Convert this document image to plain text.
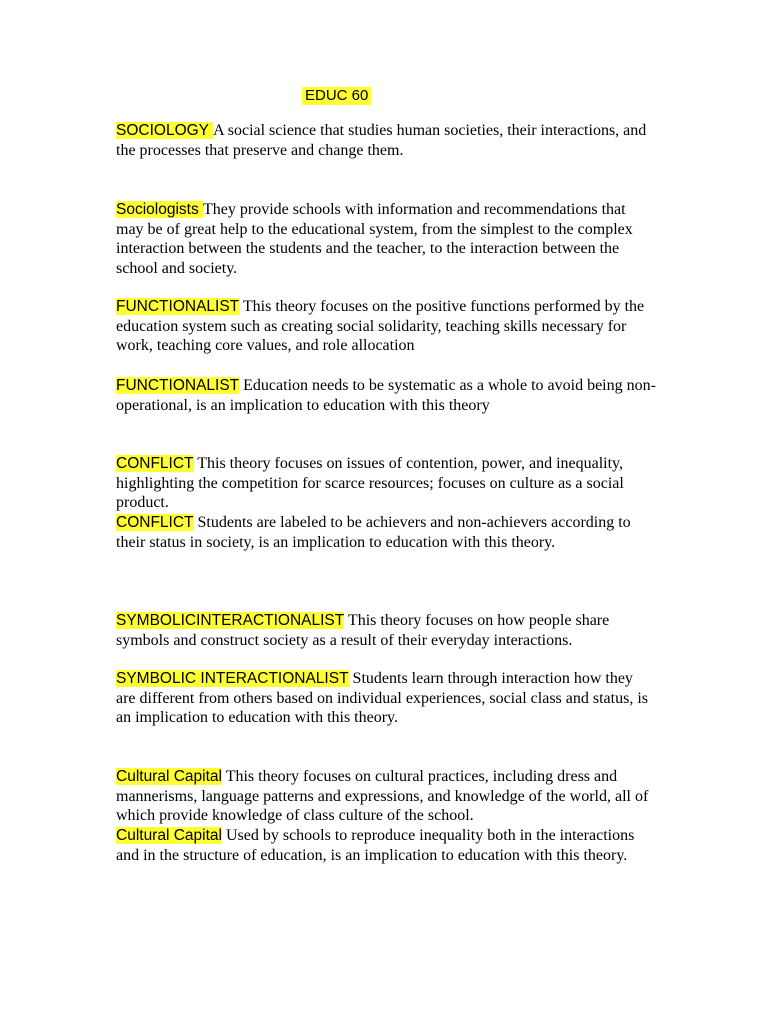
EDUC 60
SOCIOLOGY A social science that studies human societies, their interactions, and the processes that preserve and change them.
Sociologists They provide schools with information and recommendations that may be of great help to the educational system, from the simplest to the complex interaction between the students and the teacher, to the interaction between the school and society.
FUNCTIONALIST This theory focuses on the positive functions performed by the education system such as creating social solidarity, teaching skills necessary for work, teaching core values, and role allocation
FUNCTIONALIST Education needs to be systematic as a whole to avoid being non-operational, is an implication to education with this theory
CONFLICT This theory focuses on issues of contention, power, and inequality, highlighting the competition for scarce resources; focuses on culture as a social product.
CONFLICT Students are labeled to be achievers and non-achievers according to their status in society, is an implication to education with this theory.
SYMBOLICINTERACTIONALIST This theory focuses on how people share symbols and construct society as a result of their everyday interactions.
SYMBOLIC INTERACTIONALIST Students learn through interaction how they are different from others based on individual experiences, social class and status, is an implication to education with this theory.
Cultural Capital This theory focuses on cultural practices, including dress and mannerisms, language patterns and expressions, and knowledge of the world, all of which provide knowledge of class culture of the school.
Cultural Capital Used by schools to reproduce inequality both in the interactions and in the structure of education, is an implication to education with this theory.
